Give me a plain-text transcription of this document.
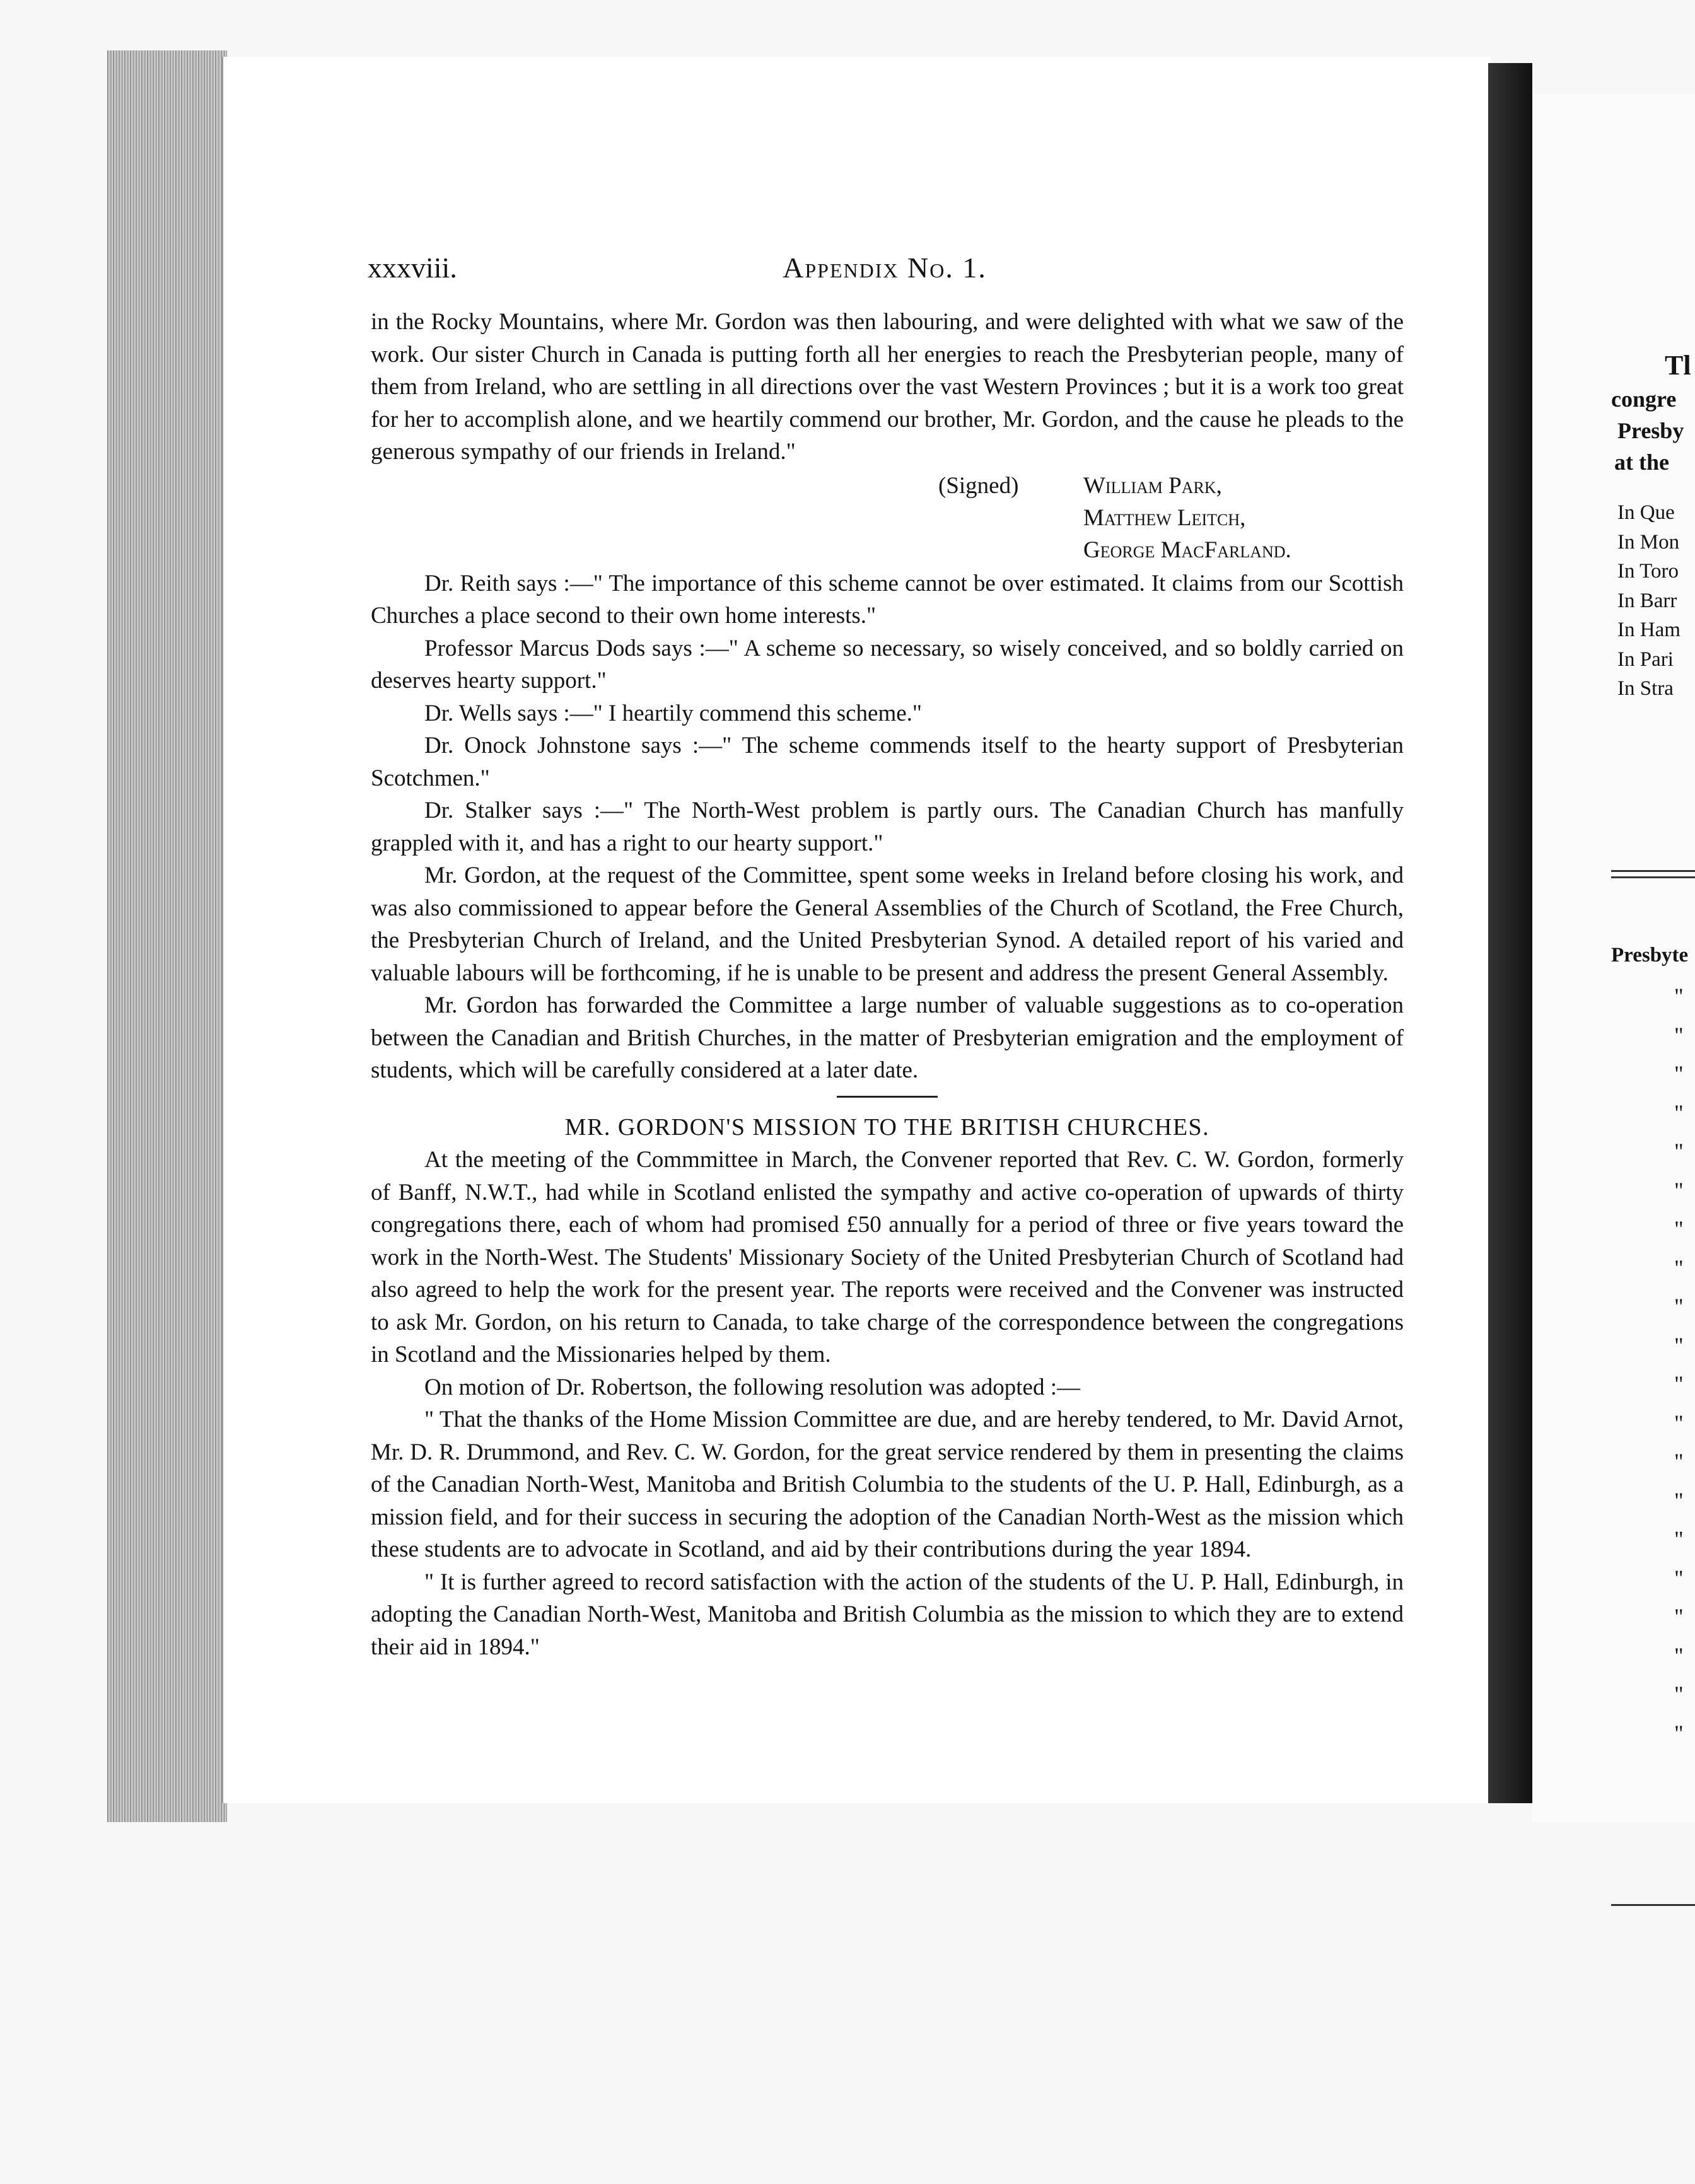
xxxviii.	Appendix No. 1.

in the Rocky Mountains, where Mr. Gordon was then labouring, and were delighted with what we saw of the work. Our sister Church in Canada is putting forth all her energies to reach the Presbyterian people, many of them from Ireland, who are settling in all directions over the vast Western Provinces ; but it is a work too great for her to accomplish alone, and we heartily commend our brother, Mr. Gordon, and the cause he pleads to the generous sympathy of our friends in Ireland."

(Signed)	William Park,
Matthew Leitch,
George MacFarland.

Dr. Reith says :—" The importance of this scheme cannot be over estimated. It claims from our Scottish Churches a place second to their own home interests."

Professor Marcus Dods says :—" A scheme so necessary, so wisely conceived, and so boldly carried on deserves hearty support."

Dr. Wells says :—" I heartily commend this scheme."

Dr. Onock Johnstone says :—" The scheme commends itself to the hearty support of Presbyterian Scotchmen."

Dr. Stalker says :—" The North-West problem is partly ours. The Canadian Church has manfully grappled with it, and has a right to our hearty support."

Mr. Gordon, at the request of the Committee, spent some weeks in Ireland before closing his work, and was also commissioned to appear before the General Assemblies of the Church of Scotland, the Free Church, the Presbyterian Church of Ireland, and the United Presbyterian Synod. A detailed report of his varied and valuable labours will be forthcoming, if he is unable to be present and address the present General Assembly.

Mr. Gordon has forwarded the Committee a large number of valuable suggestions as to co-operation between the Canadian and British Churches, in the matter of Presbyterian emigration and the employment of students, which will be carefully considered at a later date.

MR. GORDON'S MISSION TO THE BRITISH CHURCHES.

At the meeting of the Commmittee in March, the Convener reported that Rev. C. W. Gordon, formerly of Banff, N.W.T., had while in Scotland enlisted the sympathy and active co-operation of upwards of thirty congregations there, each of whom had promised £50 annually for a period of three or five years toward the work in the North-West. The Students' Missionary Society of the United Presbyterian Church of Scotland had also agreed to help the work for the present year. The reports were received and the Convener was instructed to ask Mr. Gordon, on his return to Canada, to take charge of the correspondence between the congregations in Scotland and the Missionaries helped by them.

On motion of Dr. Robertson, the following resolution was adopted :—

" That the thanks of the Home Mission Committee are due, and are hereby tendered, to Mr. David Arnot, Mr. D. R. Drummond, and Rev. C. W. Gordon, for the great service rendered by them in presenting the claims of the Canadian North-West, Manitoba and British Columbia to the students of the U. P. Hall, Edinburgh, as a mission field, and for their success in securing the adoption of the Canadian North-West as the mission which these students are to advocate in Scotland, and aid by their contributions during the year 1894.

" It is further agreed to record satisfaction with the action of the students of the U. P. Hall, Edinburgh, in adopting the Canadian North-West, Manitoba and British Columbia as the mission to which they are to extend their aid in 1894."

Tl
congre
Presby
at the
In Que
In Mon
In Toro
In Barr
In Ham
In Pari
In Stra
Presbyte
"
"
"
"
"
"
"
"
"
"
"
"
"
"
"
"
"
"
"
"
